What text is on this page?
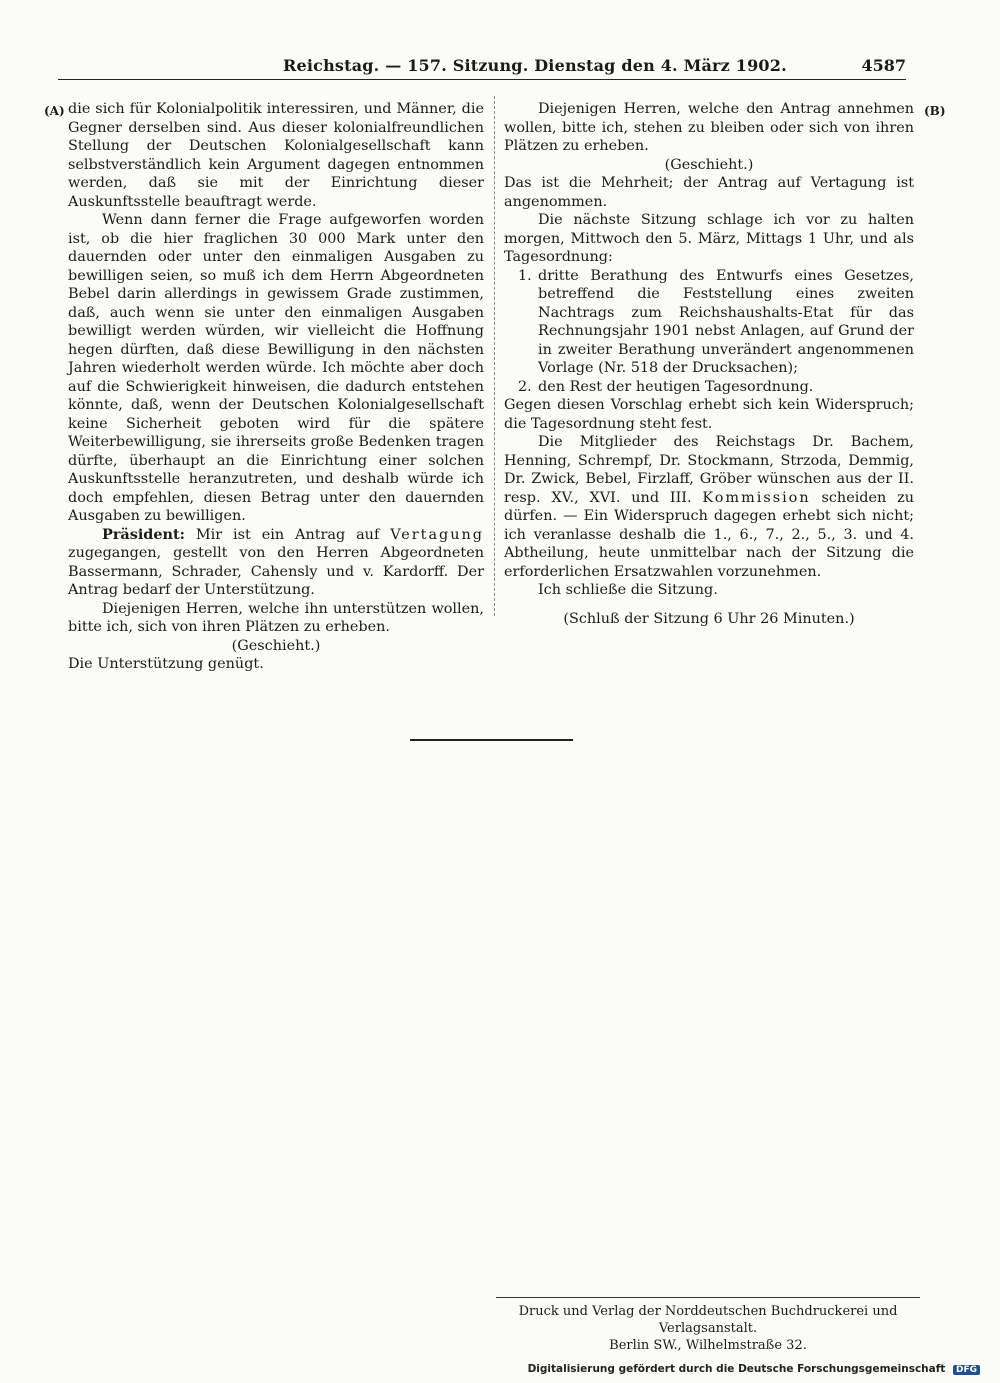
Reichstag. — 157. Sitzung. Dienstag den 4. März 1902.	4587
(A)	(B)

die sich für Kolonialpolitik interessiren, und Männer, die Gegner derselben sind. Aus dieser kolonialfreundlichen Stellung der Deutschen Kolonialgesellschaft kann selbstverständlich kein Argument dagegen entnommen werden, daß sie mit der Einrichtung dieser Auskunftsstelle beauftragt werde.

Wenn dann ferner die Frage aufgeworfen worden ist, ob die hier fraglichen 30 000 Mark unter den dauernden oder unter den einmaligen Ausgaben zu bewilligen seien, so muß ich dem Herrn Abgeordneten Bebel darin allerdings in gewissem Grade zustimmen, daß, auch wenn sie unter den einmaligen Ausgaben bewilligt werden würden, wir vielleicht die Hoffnung hegen dürften, daß diese Bewilligung in den nächsten Jahren wiederholt werden würde. Ich möchte aber doch auf die Schwierigkeit hinweisen, die dadurch entstehen könnte, daß, wenn der Deutschen Kolonialgesellschaft keine Sicherheit geboten wird für die spätere Weiterbewilligung, sie ihrerseits große Bedenken tragen dürfte, überhaupt an die Einrichtung einer solchen Auskunftsstelle heranzutreten, und deshalb würde ich doch empfehlen, diesen Betrag unter den dauernden Ausgaben zu bewilligen.

Präsident: Mir ist ein Antrag auf Vertagung zugegangen, gestellt von den Herren Abgeordneten Bassermann, Schrader, Cahensly und v. Kardorff. Der Antrag bedarf der Unterstützung.

Diejenigen Herren, welche ihn unterstützen wollen, bitte ich, sich von ihren Plätzen zu erheben.

(Geschieht.)

Die Unterstützung genügt.

Diejenigen Herren, welche den Antrag annehmen wollen, bitte ich, stehen zu bleiben oder sich von ihren Plätzen zu erheben.

(Geschieht.)

Das ist die Mehrheit; der Antrag auf Vertagung ist angenommen.

Die nächste Sitzung schlage ich vor zu halten morgen, Mittwoch den 5. März, Mittags 1 Uhr, und als Tagesordnung:

1. dritte Berathung des Entwurfs eines Gesetzes, betreffend die Feststellung eines zweiten Nachtrags zum Reichshaushalts-Etat für das Rechnungsjahr 1901 nebst Anlagen, auf Grund der in zweiter Berathung unverändert angenommenen Vorlage (Nr. 518 der Drucksachen);

2. den Rest der heutigen Tagesordnung.

Gegen diesen Vorschlag erhebt sich kein Widerspruch; die Tagesordnung steht fest.

Die Mitglieder des Reichstags Dr. Bachem, Henning, Schrempf, Dr. Stockmann, Strzoda, Demmig, Dr. Zwick, Bebel, Firzlaff, Gröber wünschen aus der II. resp. XV., XVI. und III. Kommission scheiden zu dürfen. — Ein Widerspruch dagegen erhebt sich nicht; ich veranlasse deshalb die 1., 6., 7., 2., 5., 3. und 4. Abtheilung, heute unmittelbar nach der Sitzung die erforderlichen Ersatzwahlen vorzunehmen.

Ich schließe die Sitzung.

(Schluß der Sitzung 6 Uhr 26 Minuten.)

Druck und Verlag der Norddeutschen Buchdruckerei und Verlagsanstalt.

Berlin SW., Wilhelmstraße 32.

Digitalisierung gefördert durch die Deutsche Forschungsgemeinschaft DFG
